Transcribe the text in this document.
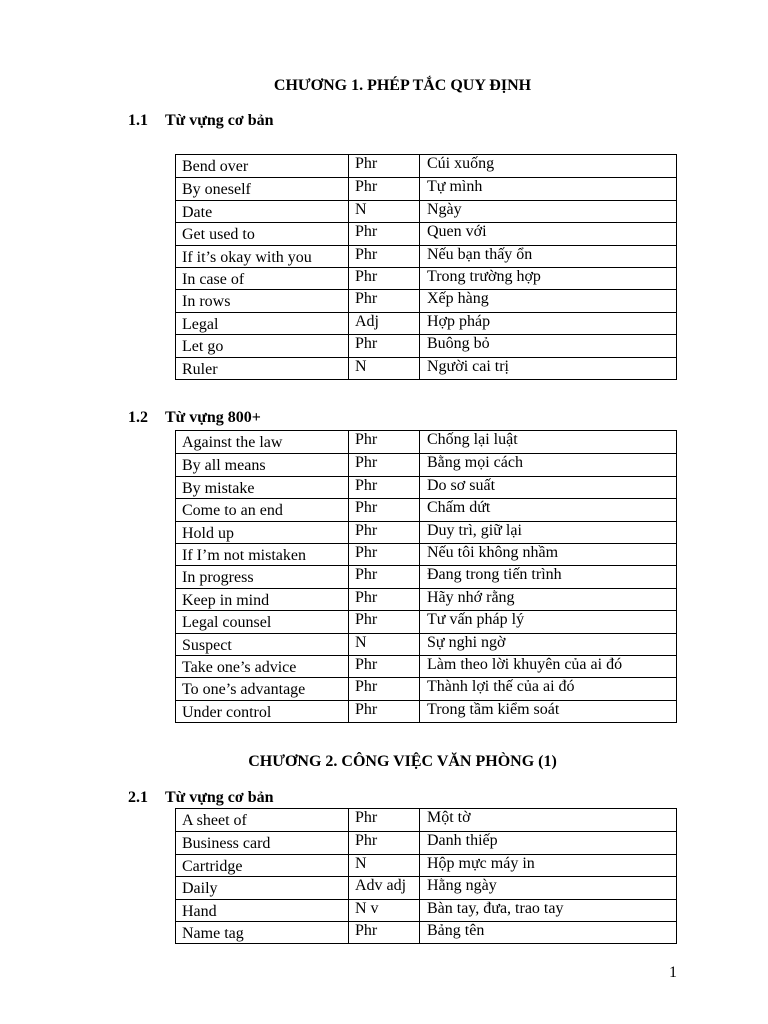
CHƯƠNG 1. PHÉP TẮC QUY ĐỊNH
1.1 Từ vựng cơ bản
Bend over	Phr	Cúi xuống
By oneself	Phr	Tự mình
Date	N	Ngày
Get used to	Phr	Quen với
If it’s okay with you	Phr	Nếu bạn thấy ổn
In case of	Phr	Trong trường hợp
In rows	Phr	Xếp hàng
Legal	Adj	Hợp pháp
Let go	Phr	Buông bỏ
Ruler	N	Người cai trị
1.2 Từ vựng 800+
Against the law	Phr	Chống lại luật
By all means	Phr	Bằng mọi cách
By mistake	Phr	Do sơ suất
Come to an end	Phr	Chấm dứt
Hold up	Phr	Duy trì, giữ lại
If I’m not mistaken	Phr	Nếu tôi không nhầm
In progress	Phr	Đang trong tiến trình
Keep in mind	Phr	Hãy nhớ rằng
Legal counsel	Phr	Tư vấn pháp lý
Suspect	N	Sự nghi ngờ
Take one’s advice	Phr	Làm theo lời khuyên của ai đó
To one’s advantage	Phr	Thành lợi thế của ai đó
Under control	Phr	Trong tầm kiểm soát
CHƯƠNG 2. CÔNG VIỆC VĂN PHÒNG (1)
2.1 Từ vựng cơ bản
A sheet of	Phr	Một tờ
Business card	Phr	Danh thiếp
Cartridge	N	Hộp mực máy in
Daily	Adv adj	Hằng ngày
Hand	N v	Bàn tay, đưa, trao tay
Name tag	Phr	Bảng tên
1
